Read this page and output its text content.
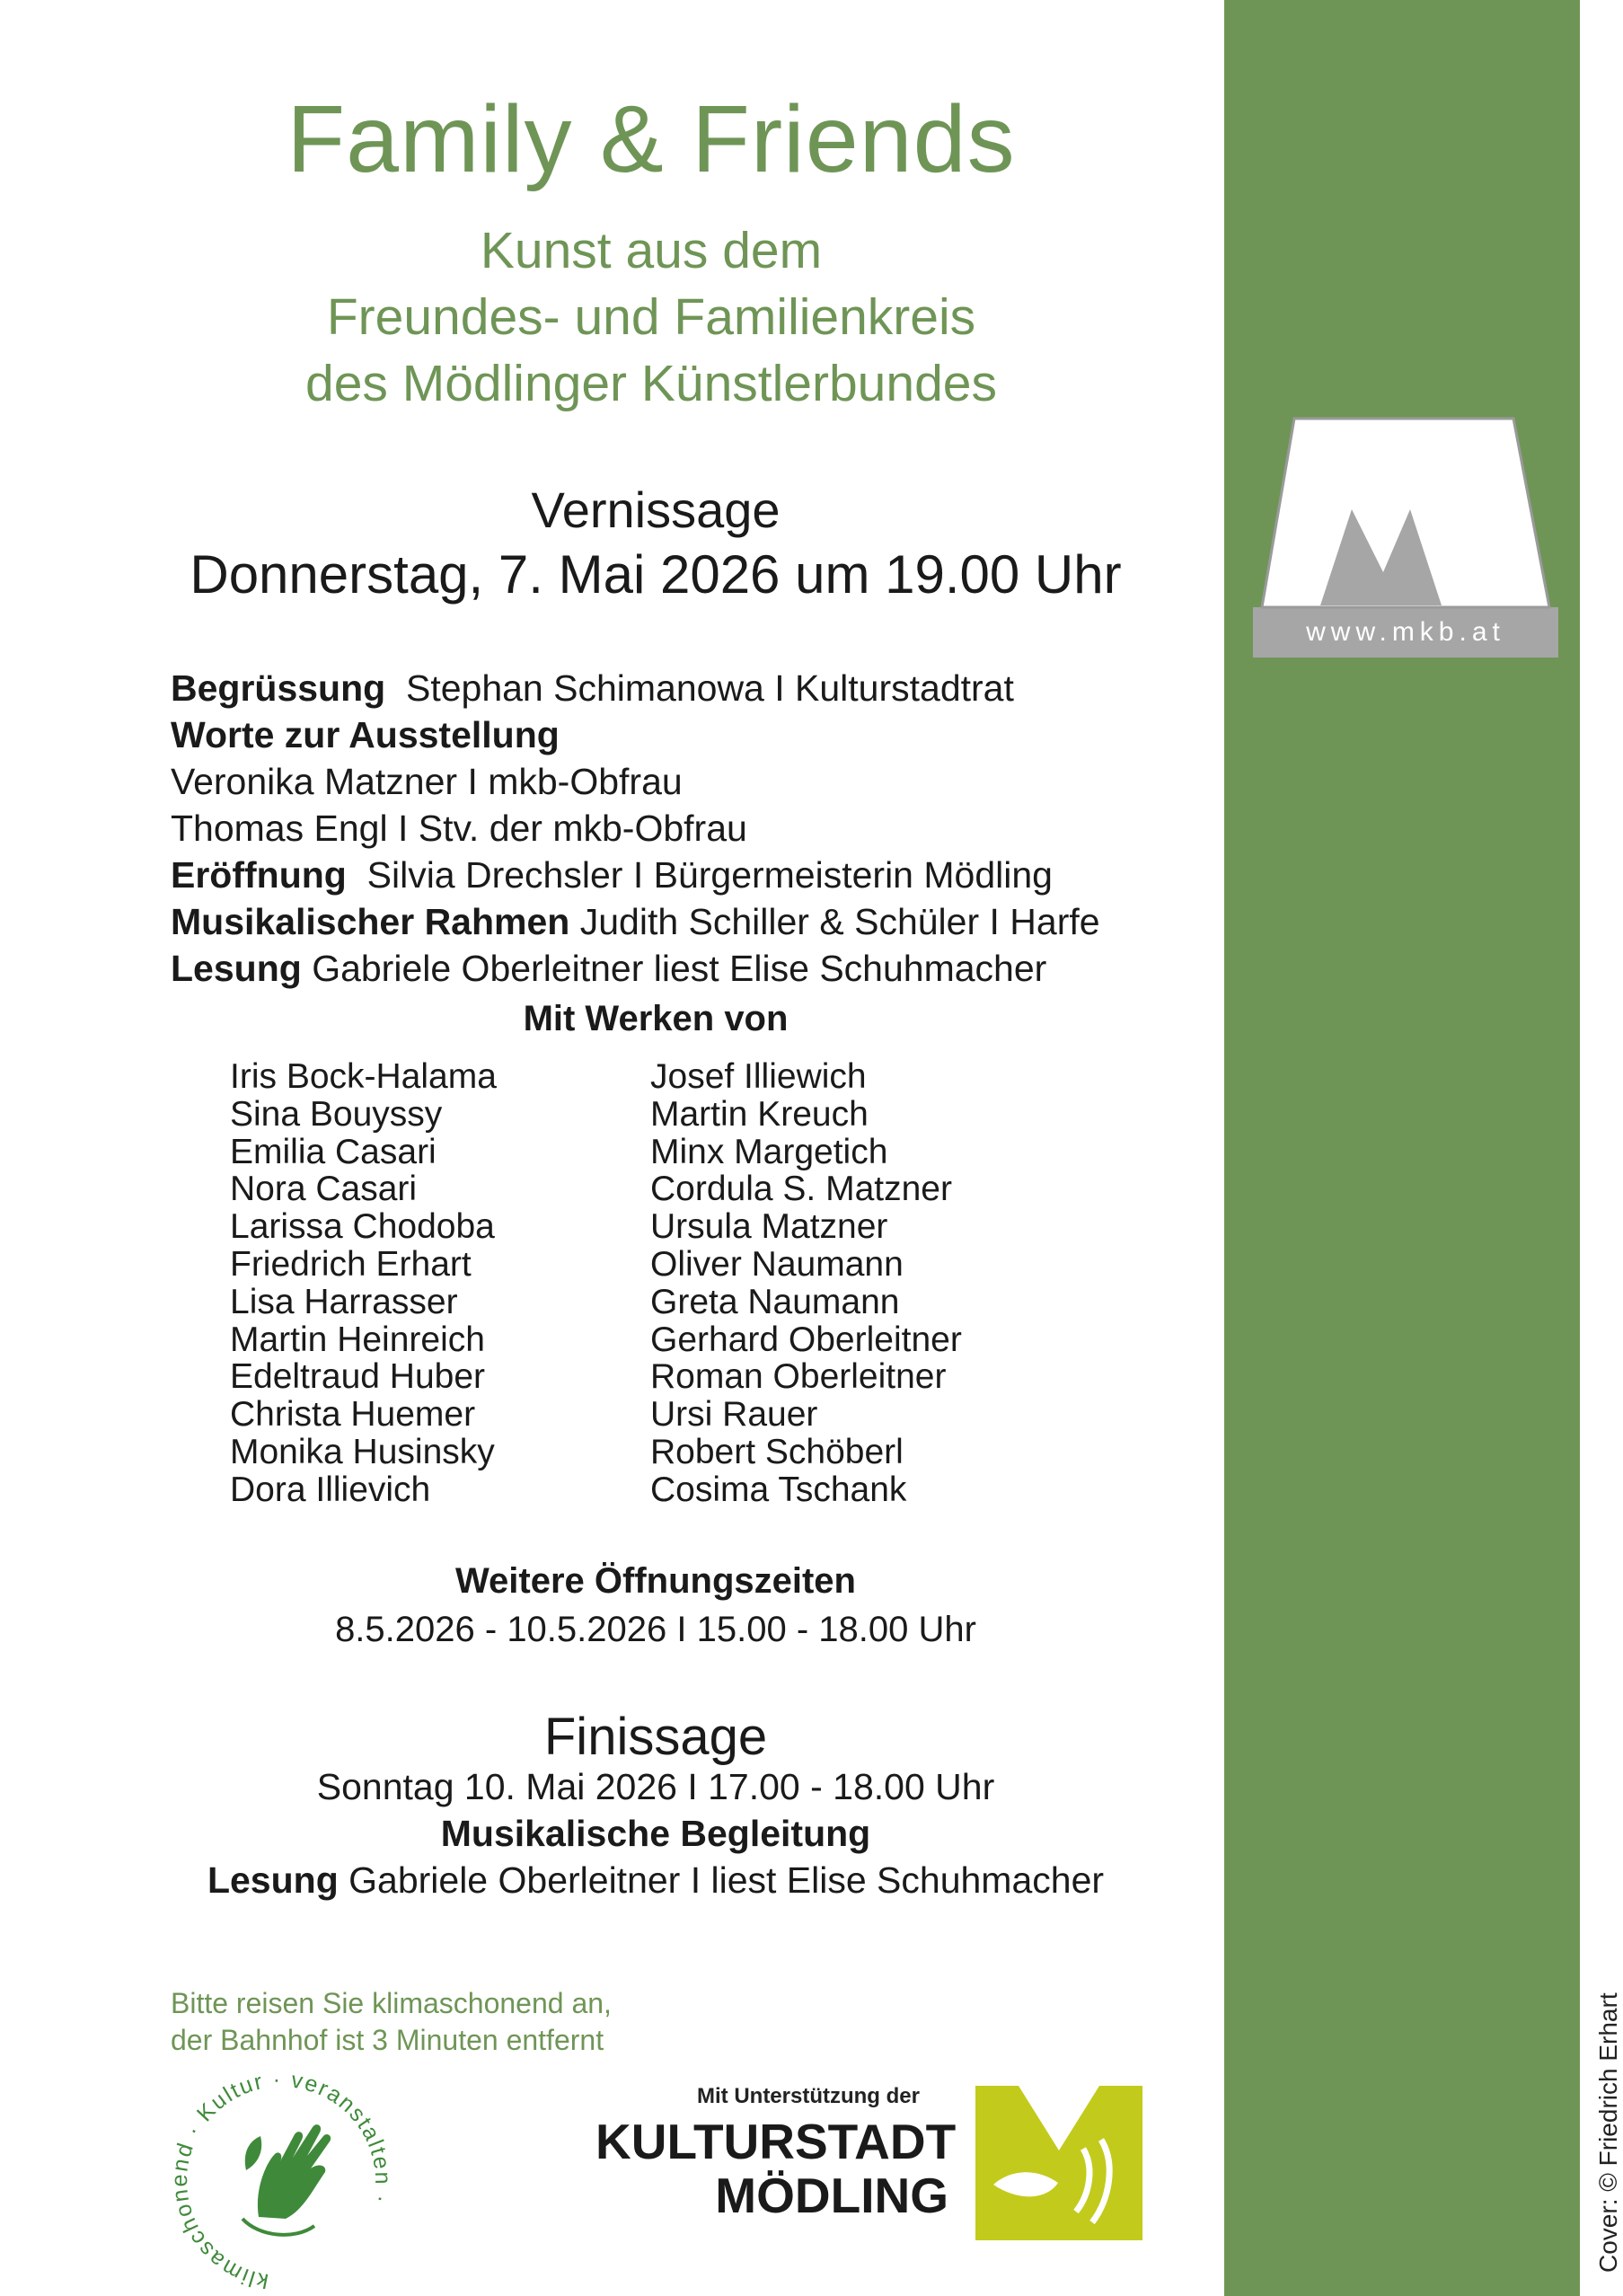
www.mkb.at
Family & Friends
Kunst aus dem
Freundes- und Familienkreis
des Mödlinger Künstlerbundes
Vernissage
Donnerstag, 7. Mai 2026 um 19.00 Uhr
Begrüssung  Stephan Schimanowa I Kulturstadtrat
Worte zur Ausstellung
Veronika Matzner I mkb-Obfrau
Thomas Engl I Stv. der mkb-Obfrau
Eröffnung  Silvia Drechsler I Bürgermeisterin Mödling
Musikalischer Rahmen Judith Schiller & Schüler I Harfe
Lesung Gabriele Oberleitner liest Elise Schuhmacher
Mit Werken von
Iris Bock-Halama
Sina Bouyssy
Emilia Casari
Nora Casari
Larissa Chodoba
Friedrich Erhart
Lisa Harrasser
Martin Heinreich
Edeltraud Huber
Christa Huemer
Monika Husinsky
Dora Illievich
Josef Illiewich
Martin Kreuch
Minx Margetich
Cordula S. Matzner
Ursula Matzner
Oliver Naumann
Greta Naumann
Gerhard Oberleitner
Roman Oberleitner
Ursi Rauer
Robert Schöberl
Cosima Tschank
Weitere Öffnungszeiten
8.5.2026 - 10.5.2026 I 15.00 - 18.00 Uhr
Finissage
Sonntag 10. Mai 2026 I 17.00 - 18.00 Uhr
Musikalische Begleitung
Lesung Gabriele Oberleitner I liest Elise Schuhmacher
Bitte reisen Sie klimaschonend an,
der Bahnhof ist 3 Minuten entfernt
klimaschonend · Kultur · veranstalten ·
Mit Unterstützung der
KULTURSTADT
MÖDLING	Cover: © Friedrich Erhart
